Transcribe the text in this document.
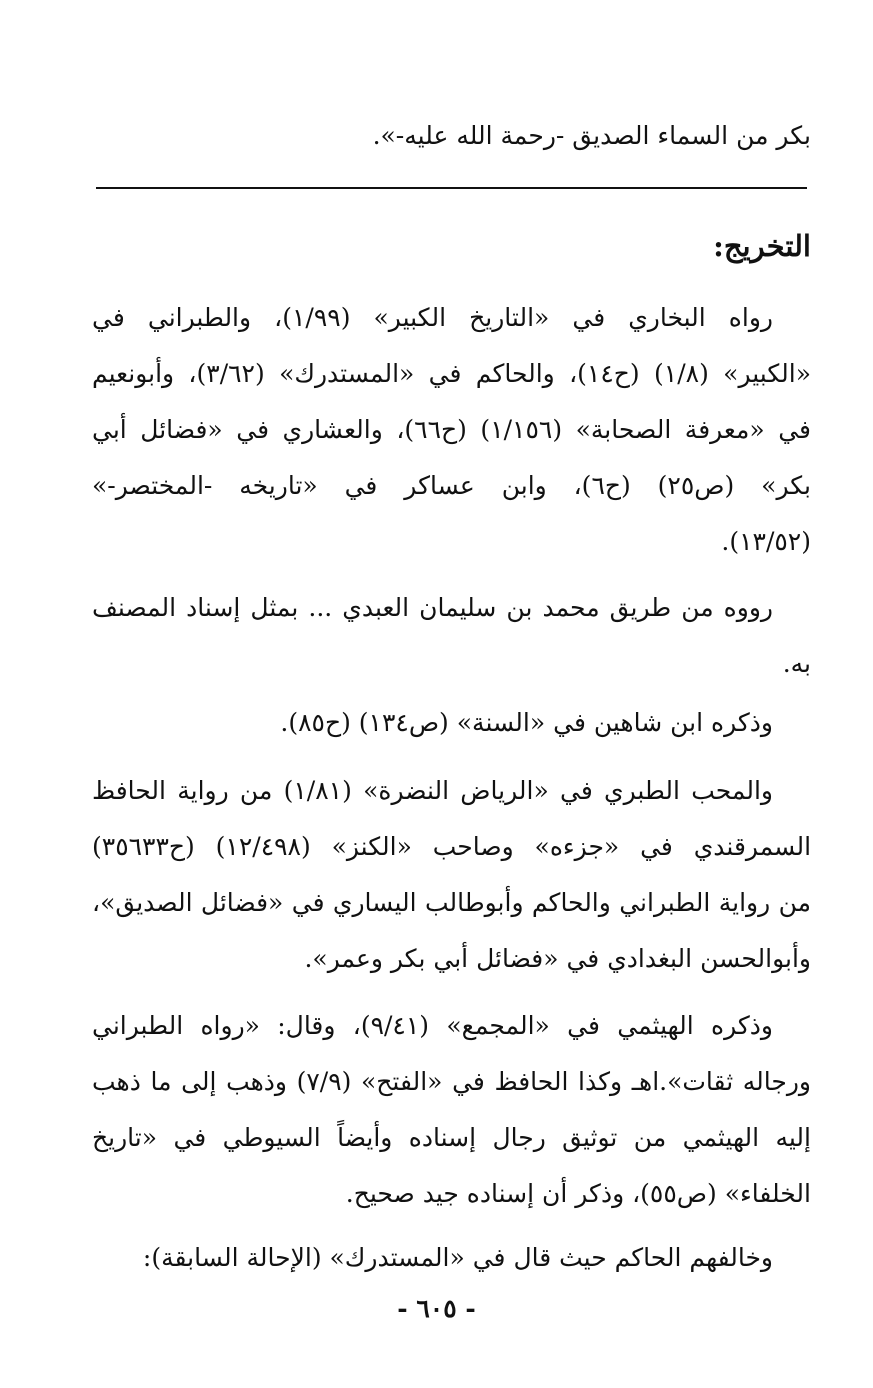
بكر من السماء الصديق -رحمة الله عليه-».
التخريج:
رواه البخاري في «التاريخ الكبير» (١/٩٩)، والطبراني في
«الكبير» (١/٨) (ح١٤)، والحاكم في «المستدرك» (٣/٦٢)، وأبونعيم
في «معرفة الصحابة» (١/١٥٦) (ح٦٦)، والعشاري في «فضائل أبي
بكر» (ص٢٥) (ح٦)، وابن عساكر في «تاريخه -المختصر-»
(١٣/٥٢).
رووه من طريق محمد بن سليمان العبدي ... بمثل إسناد المصنف
به.
وذكره ابن شاهين في «السنة» (ص١٣٤) (ح٨٥).
والمحب الطبري في «الرياض النضرة» (١/٨١) من رواية الحافظ
السمرقندي في «جزءه» وصاحب «الكنز» (١٢/٤٩٨) (ح٣٥٦٣٣)
من رواية الطبراني والحاكم وأبوطالب اليساري في «فضائل الصديق»،
وأبوالحسن البغدادي في «فضائل أبي بكر وعمر».
وذكره الهيثمي في «المجمع» (٩/٤١)، وقال: «رواه الطبراني
ورجاله ثقات».اهـ وكذا الحافظ في «الفتح» (٧/٩) وذهب إلى ما ذهب
إليه الهيثمي من توثيق رجال إسناده وأيضاً السيوطي في «تاريخ
الخلفاء» (ص٥٥)، وذكر أن إسناده جيد صحيح.
وخالفهم الحاكم حيث قال في «المستدرك» (الإحالة السابقة):
- ٦٠٥ -
